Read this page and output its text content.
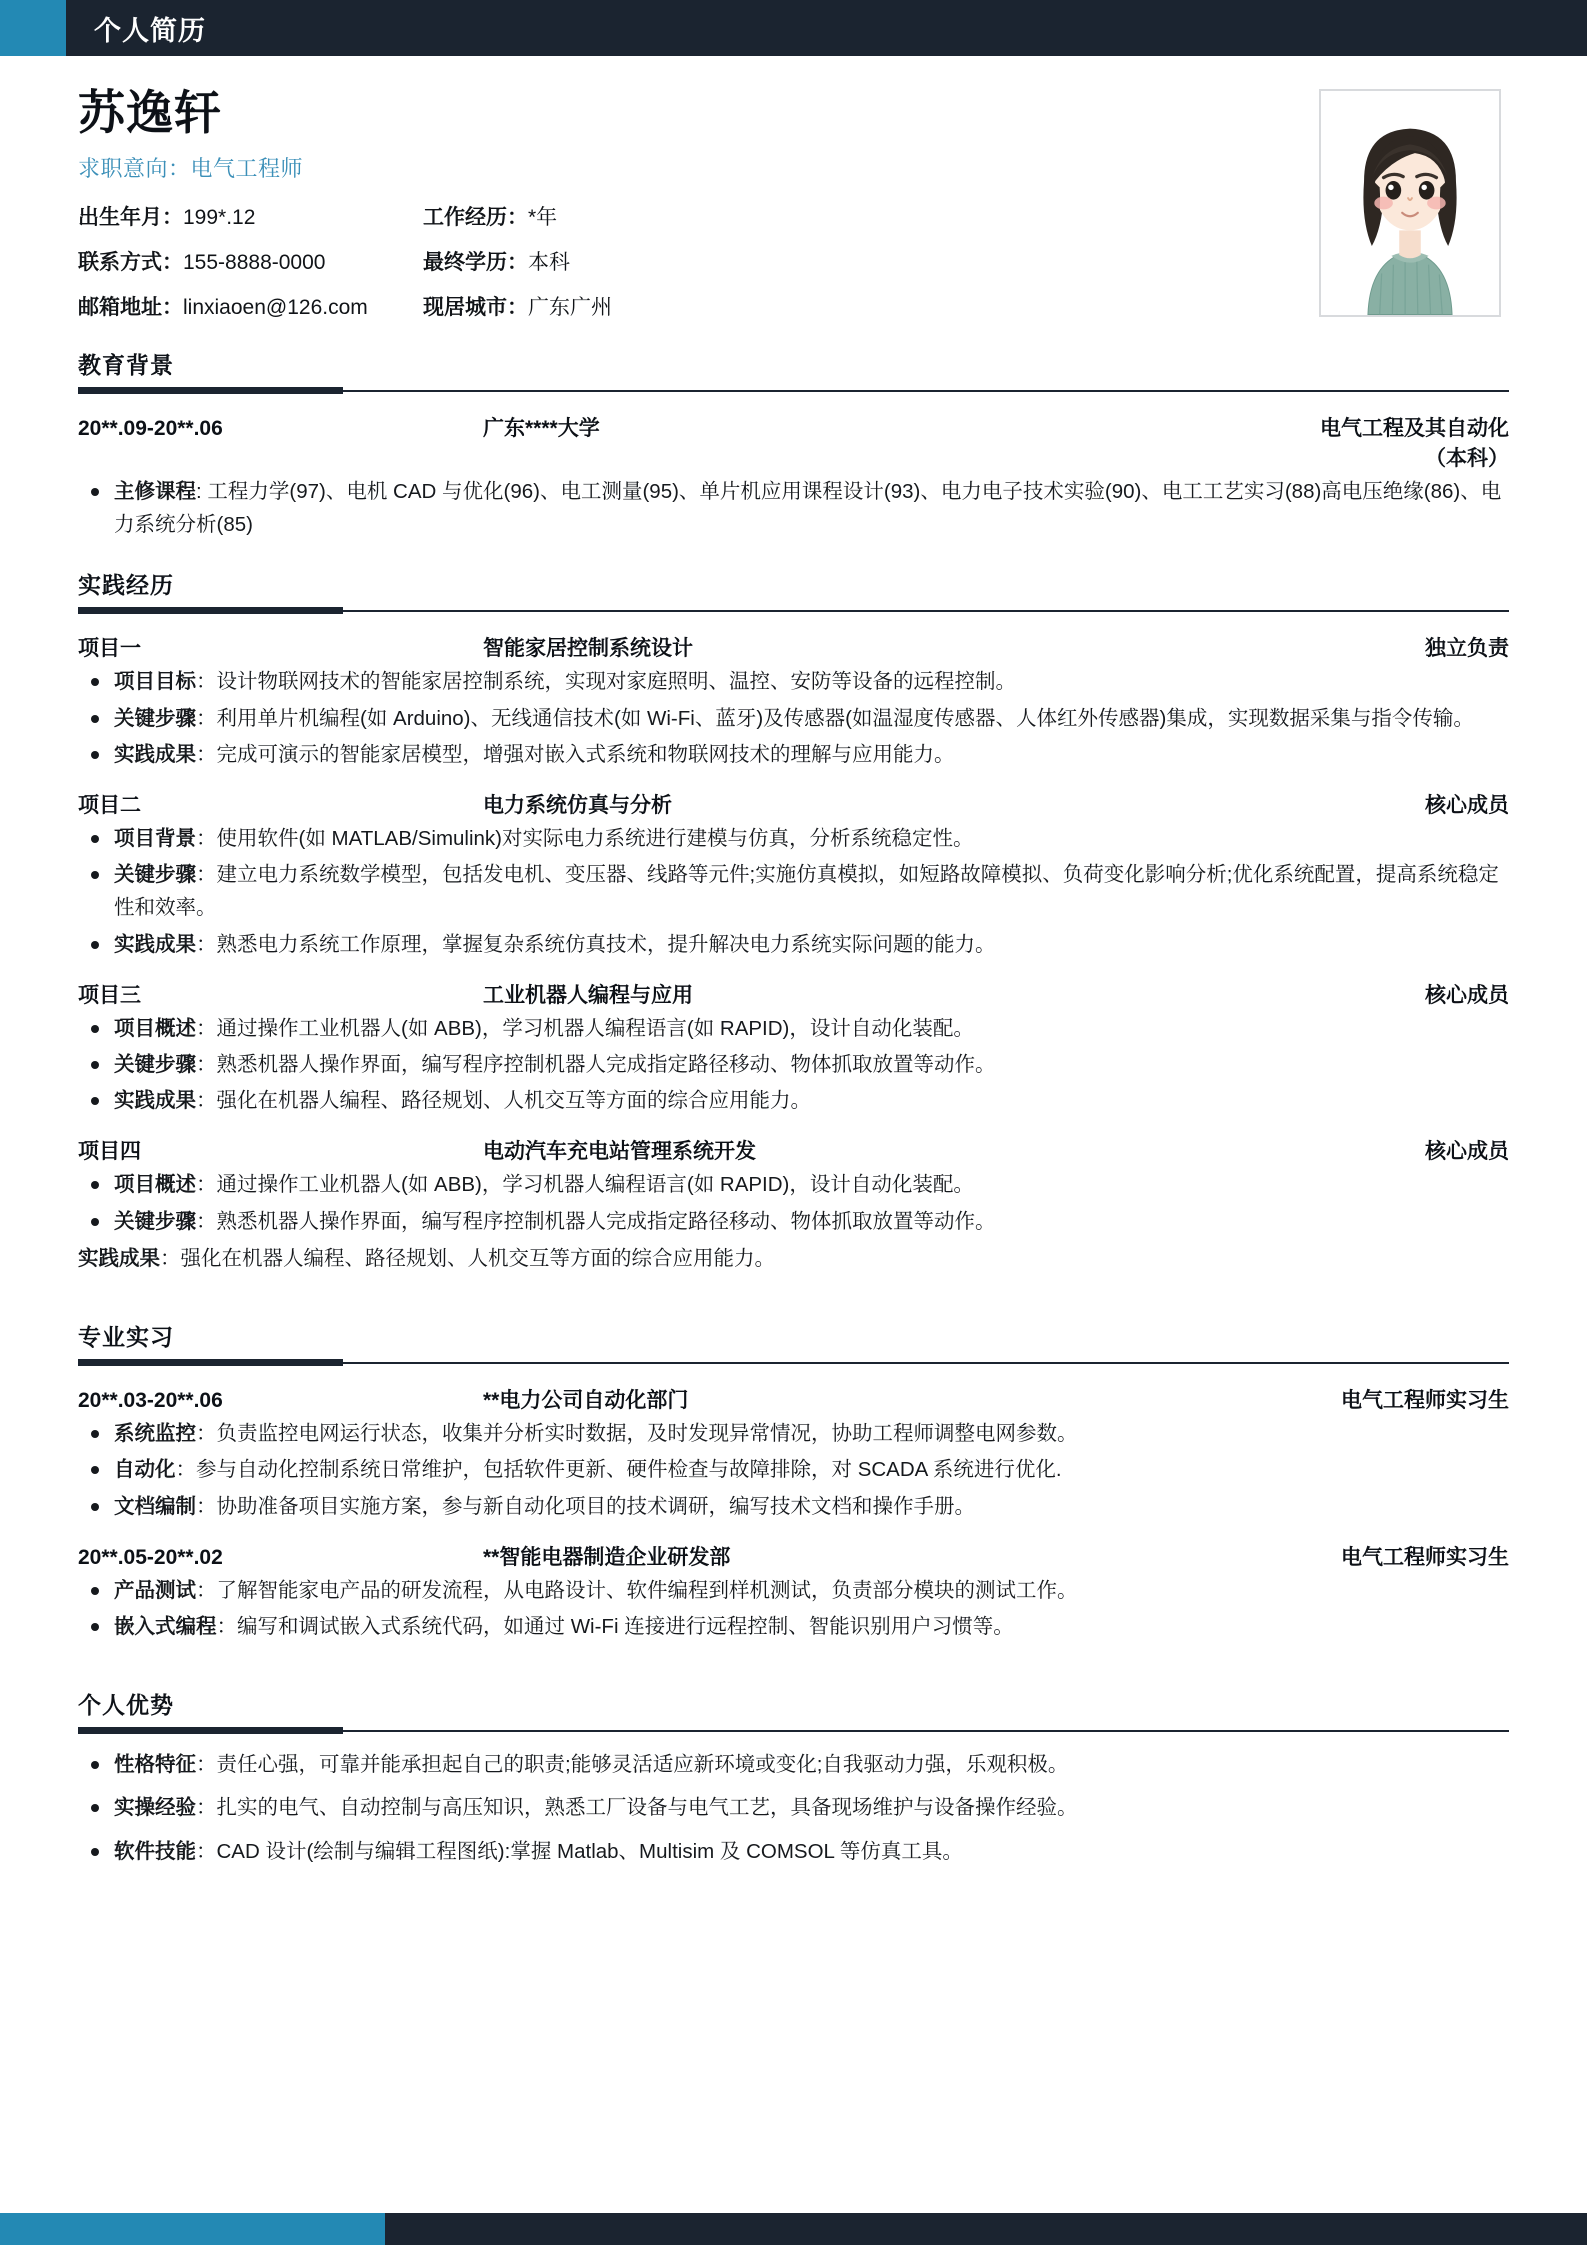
个人简历
苏逸轩
求职意向：电气工程师
出生年月：199*.12	工作经历：*年
联系方式：155-8888-0000	最终学历：本科
邮箱地址：linxiaoen@126.com	现居城市：广东广州
教育背景
20**.09-20**.06	广东****大学	电气工程及其自动化（本科）
主修课程: 工程力学(97)、电机 CAD 与优化(96)、电工测量(95)、单片机应用课程设计(93)、电力电子技术实验(90)、电工工艺实习(88)高电压绝缘(86)、电力系统分析(85)
实践经历
项目一	智能家居控制系统设计	独立负责
项目目标：设计物联网技术的智能家居控制系统，实现对家庭照明、温控、安防等设备的远程控制。
关键步骤：利用单片机编程(如 Arduino)、无线通信技术(如 Wi-Fi、蓝牙)及传感器(如温湿度传感器、人体红外传感器)集成，实现数据采集与指令传输。
实践成果：完成可演示的智能家居模型，增强对嵌入式系统和物联网技术的理解与应用能力。
项目二	电力系统仿真与分析	核心成员
项目背景：使用软件(如 MATLAB/Simulink)对实际电力系统进行建模与仿真，分析系统稳定性。
关键步骤：建立电力系统数学模型，包括发电机、变压器、线路等元件;实施仿真模拟，如短路故障模拟、负荷变化影响分析;优化系统配置，提高系统稳定性和效率。
实践成果：熟悉电力系统工作原理，掌握复杂系统仿真技术，提升解决电力系统实际问题的能力。
项目三	工业机器人编程与应用	核心成员
项目概述：通过操作工业机器人(如 ABB)，学习机器人编程语言(如 RAPID)，设计自动化装配。
关键步骤：熟悉机器人操作界面，编写程序控制机器人完成指定路径移动、物体抓取放置等动作。
实践成果：强化在机器人编程、路径规划、人机交互等方面的综合应用能力。
项目四	电动汽车充电站管理系统开发	核心成员
项目概述：通过操作工业机器人(如 ABB)，学习机器人编程语言(如 RAPID)，设计自动化装配。
关键步骤：熟悉机器人操作界面，编写程序控制机器人完成指定路径移动、物体抓取放置等动作。
实践成果：强化在机器人编程、路径规划、人机交互等方面的综合应用能力。
专业实习
20**.03-20**.06	**电力公司自动化部门	电气工程师实习生
系统监控：负责监控电网运行状态，收集并分析实时数据，及时发现异常情况，协助工程师调整电网参数。
自动化：参与自动化控制系统日常维护，包括软件更新、硬件检查与故障排除，对 SCADA 系统进行优化.
文档编制：协助准备项目实施方案，参与新自动化项目的技术调研，编写技术文档和操作手册。
20**.05-20**.02	**智能电器制造企业研发部	电气工程师实习生
产品测试：了解智能家电产品的研发流程，从电路设计、软件编程到样机测试，负责部分模块的测试工作。
嵌入式编程：编写和调试嵌入式系统代码，如通过 Wi-Fi 连接进行远程控制、智能识别用户习惯等。
个人优势
性格特征：责任心强，可靠并能承担起自己的职责;能够灵活适应新环境或变化;自我驱动力强，乐观积极。
实操经验：扎实的电气、自动控制与高压知识，熟悉工厂设备与电气工艺，具备现场维护与设备操作经验。
软件技能：CAD 设计(绘制与编辑工程图纸):掌握 Matlab、Multisim 及 COMSOL 等仿真工具。
